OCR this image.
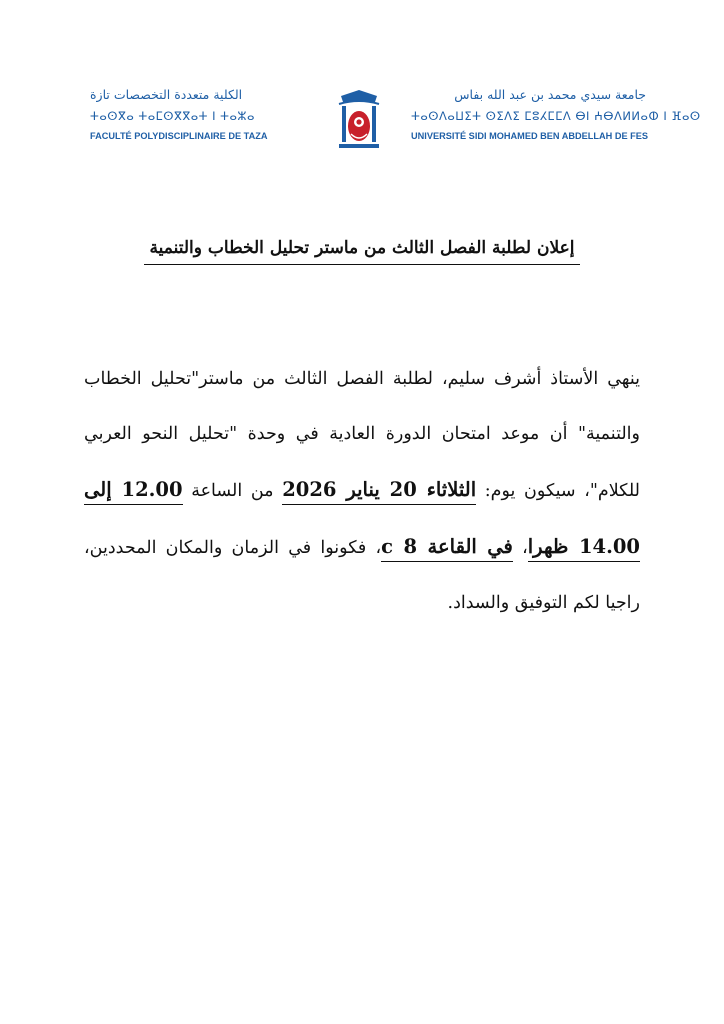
الكلية متعددة التخصصات تازة
ⵜⴰⵙⴳⴰ ⵜⴰⵎⵙⴳⴳⴰⵜ ⵏ ⵜⴰⵣⴰ
FACULTÉ POLYDISCIPLINAIRE DE TAZA
جامعة سيدي محمد بن عبد الله بفاس
ⵜⴰⵙⴷⴰⵡⵉⵜ ⵙⵉⴷⵉ ⵎⵓⵃⵎⵎⴷ ⴱⵏ ⵄⴱⴷⵍⵍⴰⵀ ⵏ ⴼⴰⵙ
UNIVERSITÉ SIDI MOHAMED BEN ABDELLAH DE FES
إعلان لطلبة الفصل الثالث من ماستر تحليل الخطاب والتنمية
ينهي الأستاذ أشرف سليم، لطلبة الفصل الثالث من ماستر"تحليل الخطاب والتنمية" أن موعد امتحان الدورة العادية في وحدة "تحليل النحو العربي للكلام"، سيكون يوم: الثلاثاء 20 يناير 2026 من الساعة 12.00 إلى 14.00 ظهرا، في القاعة 8 c، فكونوا في الزمان والمكان المحددين، راجيا لكم التوفيق والسداد.
